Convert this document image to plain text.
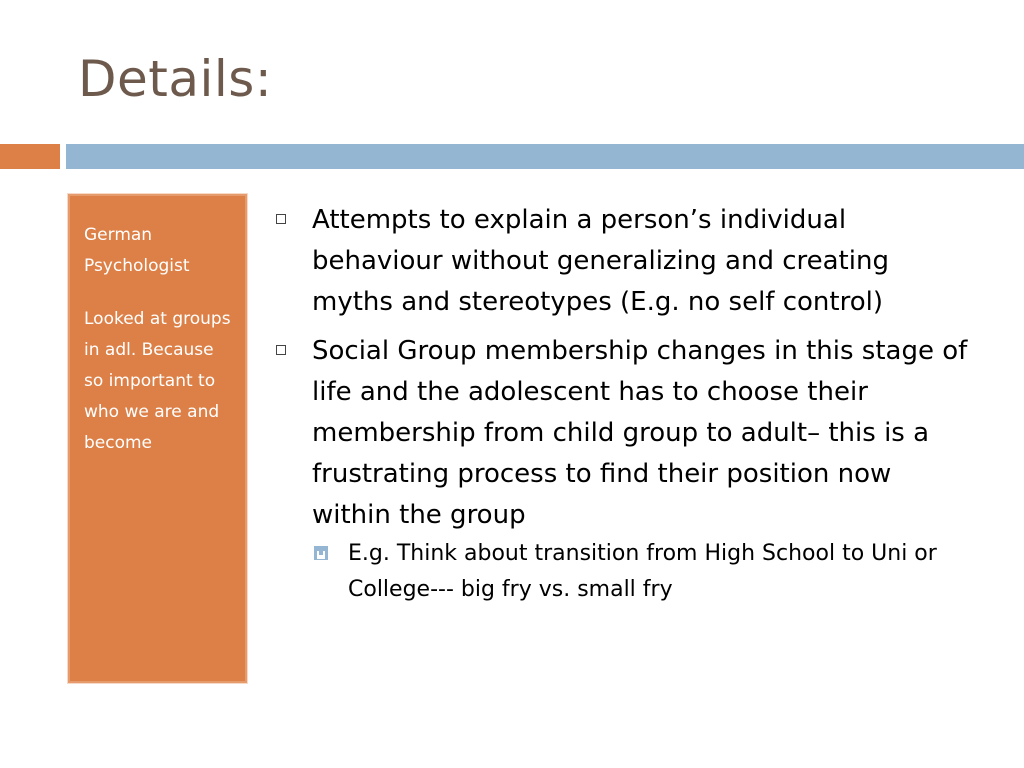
Details:

German Psychologist

Looked at groups in adl. Because so important to who we are and become

Attempts to explain a person’s individual behaviour without generalizing and creating myths and stereotypes (E.g. no self control)
Social Group membership changes in this stage of life and the adolescent has to choose their membership from child group to adult– this is a frustrating process to find their position now within the group
E.g. Think about transition from High School to Uni or College--- big fry vs. small fry
